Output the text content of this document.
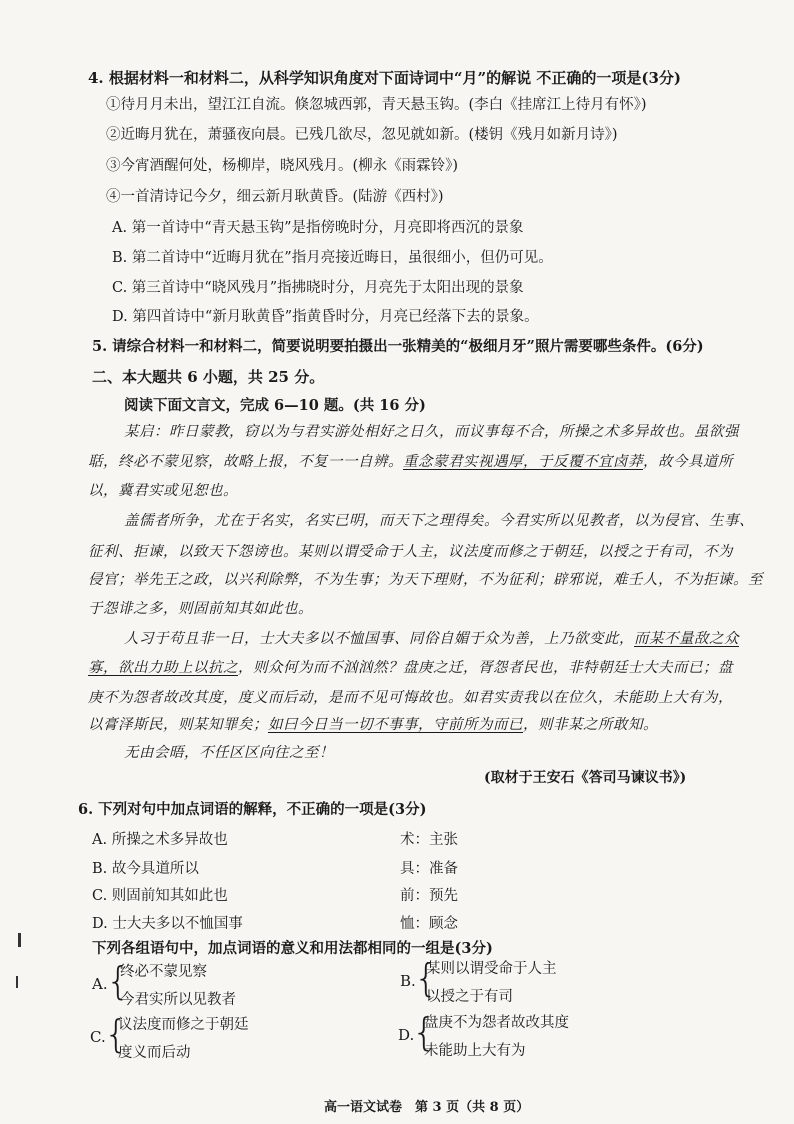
4. 根据材料一和材料二，从科学知识角度对下面诗词中“月”的解说 不正确的一项是(3分)
①待月月未出，望江江自流。倏忽城西郭，青天悬玉钩。(李白《挂席江上待月有怀》)
②近晦月犹在，萧骚夜向晨。已残几欲尽，忽见就如新。(楼钥《残月如新月诗》)
③今宵酒醒何处，杨柳岸，晓风残月。(柳永《雨霖铃》)
④一首清诗记今夕，细云新月耿黄昏。(陆游《西村》)
A. 第一首诗中“青天悬玉钩”是指傍晚时分，月亮即将西沉的景象
B. 第二首诗中“近晦月犹在”指月亮接近晦日，虽很细小，但仍可见。
C. 第三首诗中“晓风残月”指拂晓时分，月亮先于太阳出现的景象
D. 第四首诗中“新月耿黄昏”指黄昏时分，月亮已经落下去的景象。
5. 请综合材料一和材料二，简要说明要拍摄出一张精美的“极细月牙”照片需要哪些条件。(6分)
二、本大题共 6 小题，共 25 分。
阅读下面文言文，完成 6—10 题。(共 16 分)
某启：昨日蒙教，窃以为与君实游处相好之日久，而议事每不合，所操之术多异故也。虽欲强
聒，终必不蒙见察，故略上报，不复一一自辨。重念蒙君实视遇厚，于反覆不宜卤莽，故今具道所
以，冀君实或见恕也。
盖儒者所争，尤在于名实，名实已明，而天下之理得矣。今君实所以见教者，以为侵官、生事、
征利、拒谏，以致天下怨谤也。某则以谓受命于人主，议法度而修之于朝廷，以授之于有司，不为
侵官；举先王之政，以兴利除弊，不为生事；为天下理财，不为征利；辟邪说，难壬人，不为拒谏。至
于怨诽之多，则固前知其如此也。
人习于苟且非一日，士大夫多以不恤国事、同俗自媚于众为善，上乃欲变此，而某不量敌之众
寡，欲出力助上以抗之，则众何为而不汹汹然？盘庚之迁，胥怨者民也，非特朝廷士大夫而已；盘
庚不为怨者故改其度，度义而后动，是而不见可悔故也。如君实责我以在位久，未能助上大有为，
以膏泽斯民，则某知罪矣；如曰今日当一切不事事，守前所为而已，则非某之所敢知。
无由会晤，不任区区向往之至！
(取材于王安石《答司马谏议书》)
6. 下列对句中加点词语的解释，不正确的一项是(3分)
A. 所操之术多异故也	术：主张
B. 故今具道所以	具：准备
C. 则固前知其如此也	前：预先
D. 士大夫多以不恤国事	恤：顾念
下列各组语句中，加点词语的意义和用法都相同的一组是(3分)
A.
{
终必不蒙见察
今君实所以见教者
B.
{
某则以谓受命于人主
以授之于有司
C.
{
议法度而修之于朝廷
度义而后动
D.
{
盘庚不为怨者故改其度
未能助上大有为
高一语文试卷　第 3 页（共 8 页）
